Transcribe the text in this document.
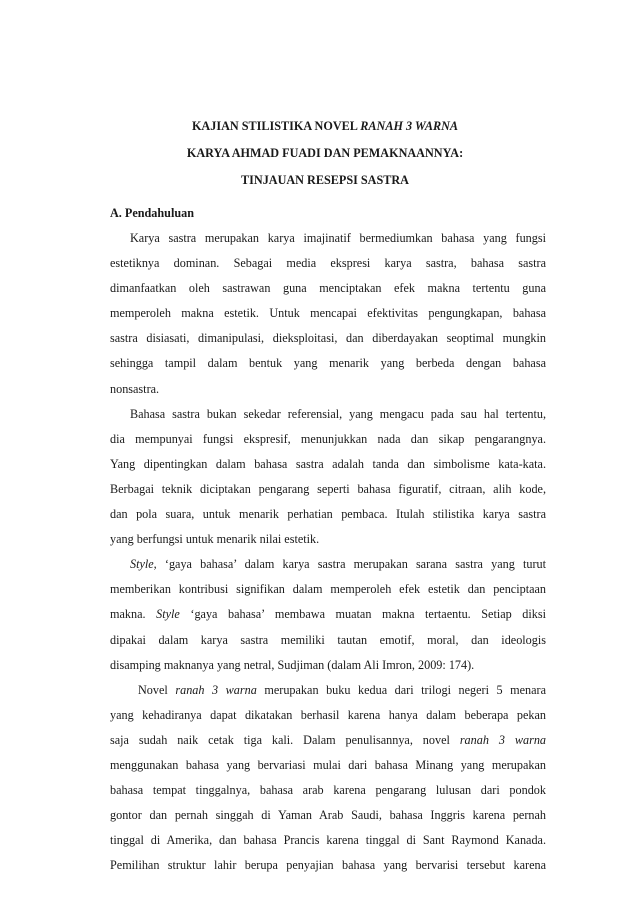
KAJIAN STILISTIKA NOVEL RANAH 3 WARNA
KARYA AHMAD FUADI DAN PEMAKNAANNYA:
TINJAUAN RESEPSI SASTRA
A. Pendahuluan
Karya sastra merupakan karya imajinatif bermediumkan bahasa yang fungsi
estetiknya dominan. Sebagai media ekspresi karya sastra, bahasa sastra
dimanfaatkan oleh sastrawan guna menciptakan efek makna tertentu guna
memperoleh makna estetik. Untuk mencapai efektivitas pengungkapan, bahasa
sastra disiasati, dimanipulasi, dieksploitasi, dan diberdayakan seoptimal mungkin
sehingga tampil dalam bentuk yang menarik yang berbeda dengan bahasa
nonsastra.
Bahasa sastra bukan sekedar referensial, yang mengacu pada sau hal tertentu,
dia mempunyai fungsi ekspresif, menunjukkan nada dan sikap pengarangnya.
Yang dipentingkan dalam bahasa sastra adalah tanda dan simbolisme kata-kata.
Berbagai teknik diciptakan pengarang seperti bahasa figuratif, citraan, alih kode,
dan pola suara, untuk menarik perhatian pembaca. Itulah stilistika karya sastra
yang berfungsi untuk menarik nilai estetik.
Style, ‘gaya bahasa’ dalam karya sastra merupakan sarana sastra yang turut
memberikan kontribusi signifikan dalam memperoleh efek estetik dan penciptaan
makna. Style ‘gaya bahasa’ membawa muatan makna tertaentu. Setiap diksi
dipakai dalam karya sastra memiliki tautan emotif, moral, dan ideologis
disamping maknanya yang netral, Sudjiman (dalam Ali Imron, 2009: 174).
Novel ranah 3 warna merupakan buku kedua dari trilogi negeri 5 menara
yang kehadiranya dapat dikatakan berhasil karena hanya dalam beberapa pekan
saja sudah naik cetak tiga kali. Dalam penulisannya, novel ranah 3 warna
menggunakan bahasa yang bervariasi mulai dari bahasa Minang yang merupakan
bahasa tempat tinggalnya, bahasa arab karena pengarang lulusan dari pondok
gontor dan pernah singgah di Yaman Arab Saudi, bahasa Inggris karena pernah
tinggal di Amerika, dan bahasa Prancis karena tinggal di Sant Raymond Kanada.
Pemilihan struktur lahir berupa penyajian bahasa yang bervarisi tersebut karena
